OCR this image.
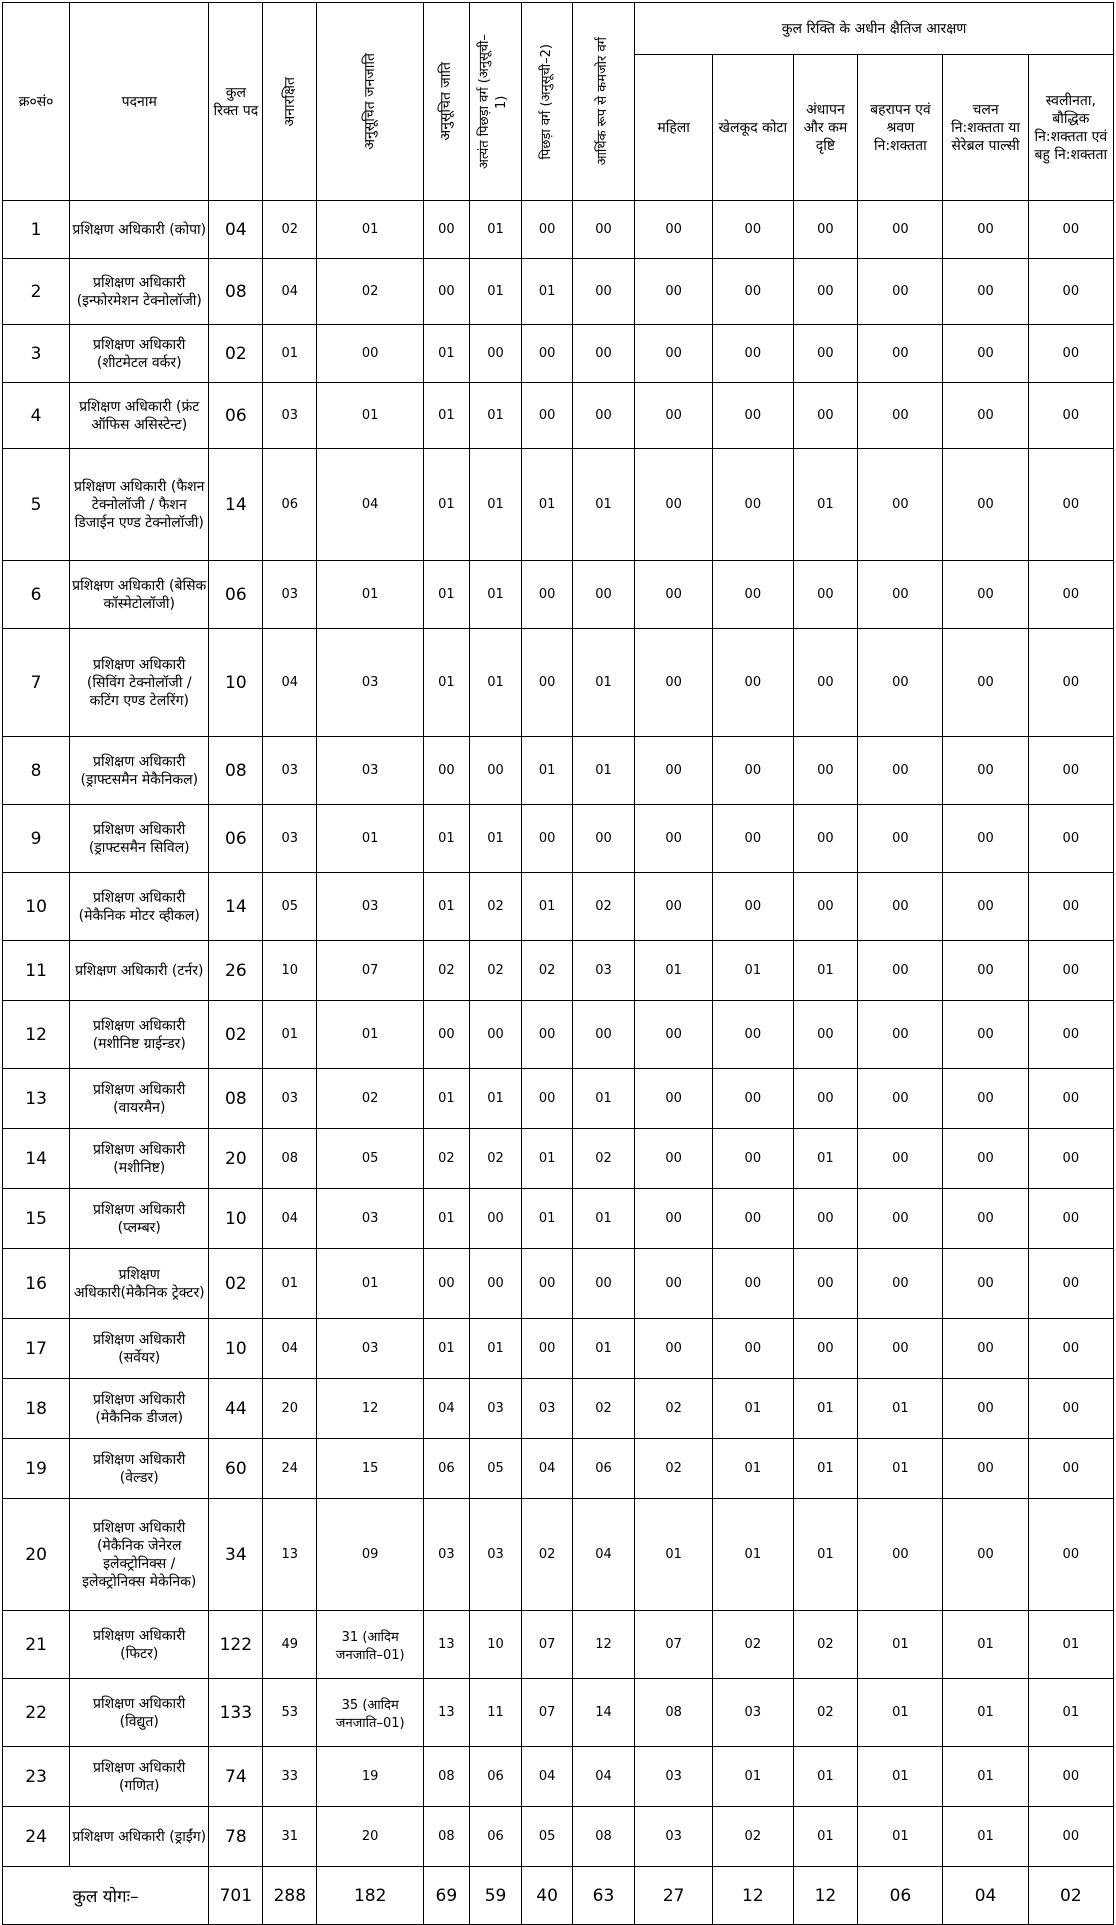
क्र०सं०	पदनाम	कुल रिक्त पद	अनारक्षित	अनुसूचित जनजाति	अनुसूचित जाति	अत्यंत पिछड़ा वर्ग (अनुसूची–1)	पिछड़ा वर्ग (अनुसूची–2)	आर्थिक रूप से कमजोर वर्ग	कुल रिक्ति के अधीन क्षैतिज आरक्षण					
									महिला	खेलकूद कोटा	अंधापन और कम दृष्टि	बहरापन एवं श्रवण नि:शक्तता	चलन नि:शक्तता या सेरेब्रल पाल्सी	स्वलीनता, बौद्धिक नि:शक्तता एवं बहु नि:शक्तता
1	प्रशिक्षण अधिकारी (कोपा)	04	02	01	00	01	00	00	00	00	00	00	00	00
2	प्रशिक्षण अधिकारी (इन्फोरमेशन टेक्नोलॉजी)	08	04	02	00	01	01	00	00	00	00	00	00	00
3	प्रशिक्षण अधिकारी (शीटमेटल वर्कर)	02	01	00	01	00	00	00	00	00	00	00	00	00
4	प्रशिक्षण अधिकारी (फ्रंट ऑफिस असिस्टेन्ट)	06	03	01	01	01	00	00	00	00	00	00	00	00
5	प्रशिक्षण अधिकारी (फैशन टेक्नोलॉजी / फैशन डिजाईन एण्ड टेक्नोलॉजी)	14	06	04	01	01	01	01	00	00	01	00	00	00
6	प्रशिक्षण अधिकारी (बेसिक कॉस्मेटोलॉजी)	06	03	01	01	01	00	00	00	00	00	00	00	00
7	प्रशिक्षण अधिकारी (सिविंग टेक्नोलॉजी / कटिंग एण्ड टेलरिंग)	10	04	03	01	01	00	01	00	00	00	00	00	00
8	प्रशिक्षण अधिकारी (ड्राफ्टसमैन मेकैनिकल)	08	03	03	00	00	01	01	00	00	00	00	00	00
9	प्रशिक्षण अधिकारी (ड्राफ्टसमैन सिविल)	06	03	01	01	01	00	00	00	00	00	00	00	00
10	प्रशिक्षण अधिकारी (मेकैनिक मोटर व्हीकल)	14	05	03	01	02	01	02	00	00	00	00	00	00
11	प्रशिक्षण अधिकारी (टर्नर)	26	10	07	02	02	02	03	01	01	01	00	00	00
12	प्रशिक्षण अधिकारी (मशीनिष्ट ग्राईन्डर)	02	01	01	00	00	00	00	00	00	00	00	00	00
13	प्रशिक्षण अधिकारी (वायरमैन)	08	03	02	01	01	00	01	00	00	00	00	00	00
14	प्रशिक्षण अधिकारी (मशीनिष्ट)	20	08	05	02	02	01	02	00	00	01	00	00	00
15	प्रशिक्षण अधिकारी (प्लम्बर)	10	04	03	01	00	01	01	00	00	00	00	00	00
16	प्रशिक्षण अधिकारी(मेकैनिक ट्रेक्टर)	02	01	01	00	00	00	00	00	00	00	00	00	00
17	प्रशिक्षण अधिकारी (सर्वेयर)	10	04	03	01	01	00	01	00	00	00	00	00	00
18	प्रशिक्षण अधिकारी (मेकैनिक डीजल)	44	20	12	04	03	03	02	02	01	01	01	00	00
19	प्रशिक्षण अधिकारी (वेल्डर)	60	24	15	06	05	04	06	02	01	01	01	00	00
20	प्रशिक्षण अधिकारी (मेकैनिक जेनेरल इलेक्ट्रोनिक्स / इलेक्ट्रोनिक्स मेकेनिक)	34	13	09	03	03	02	04	01	01	01	00	00	00
21	प्रशिक्षण अधिकारी (फिटर)	122	49	31 (आदिम जनजाति–01)	13	10	07	12	07	02	02	01	01	01
22	प्रशिक्षण अधिकारी (विद्युत)	133	53	35 (आदिम जनजाति–01)	13	11	07	14	08	03	02	01	01	01
23	प्रशिक्षण अधिकारी (गणित)	74	33	19	08	06	04	04	03	01	01	01	01	00
24	प्रशिक्षण अधिकारी (ड्राईंग)	78	31	20	08	06	05	08	03	02	01	01	01	00
कुल योगः–		701	288	182	69	59	40	63	27	12	12	06	04	02
